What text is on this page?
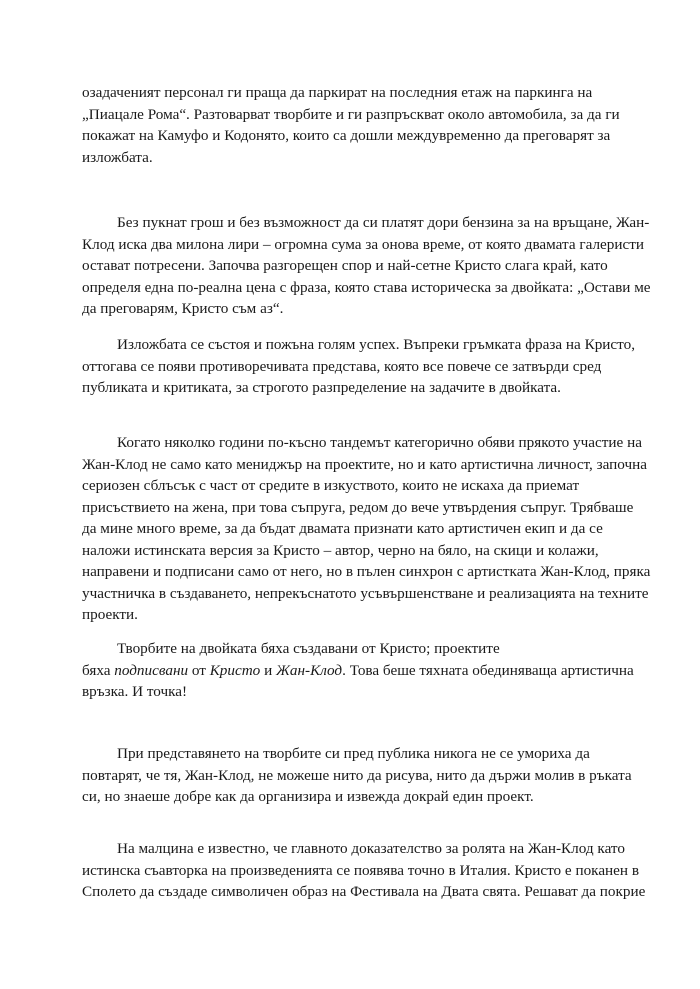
озадаченият персонал ги праща да паркират на последния етаж на паркинга на
„Пиацале Рома“. Разтоварват творбите и ги разпръскват около автомобила, за да ги
покажат на Камуфо и Кодонято, които са дошли междувременно да преговарят за
изложбата.

Без пукнат грош и без възможност да си платят дори бензина за на връщане, Жан-
Клод иска два милона лири – огромна сума за онова време, от която двамата галеристи
остават потресени. Започва разгорещен спор и най-сетне Кристо слага край, като
определя една по-реална цена с фраза, която става историческа за двойката: „Остави ме
да преговарям, Кристо съм аз“.

Изложбата се състоя и пожъна голям успех. Въпреки гръмката фраза на Кристо,
оттогава се появи противоречивата представа, която все повече се затвърди сред
публиката и критиката, за строгото разпределение на задачите в двойката.

Когато няколко години по-късно тандемът категорично обяви прякото участие на
Жан-Клод не само като мениджър на проектите, но и като артистична личност, започна
сериозен сблъсък с част от средите в изкуството, които не искаха да приемат
присъствието на жена, при това съпруга, редом до вече утвърдения съпруг. Трябваше
да мине много време, за да бъдат двамата признати като артистичен екип и да се
наложи истинската версия за Кристо – автор, черно на бяло, на скици и колажи,
направени и подписани само от него, но в пълен синхрон с артистката Жан-Клод, пряка
участничка в създаването, непрекъснатото усъвършенстване и реализацията на техните
проекти.

Творбите на двойката бяха създавани от Кристо; проектите
бяха подписвани от Кристо и Жан-Клод. Това беше тяхната обединяваща артистична
връзка. И точка!

При представянето на творбите си пред публика никога не се умориха да
повтарят, че тя, Жан-Клод, не можеше нито да рисува, нито да държи молив в ръката
си, но знаеше добре как да организира и извежда докрай един проект.

На малцина е известно, че главното доказателство за ролята на Жан-Клод като
истинска съавторка на произведенията се появява точно в Италия. Кристо е поканен в
Сполето да създаде символичен образ на Фестивала на Двата свята. Решават да покрие
